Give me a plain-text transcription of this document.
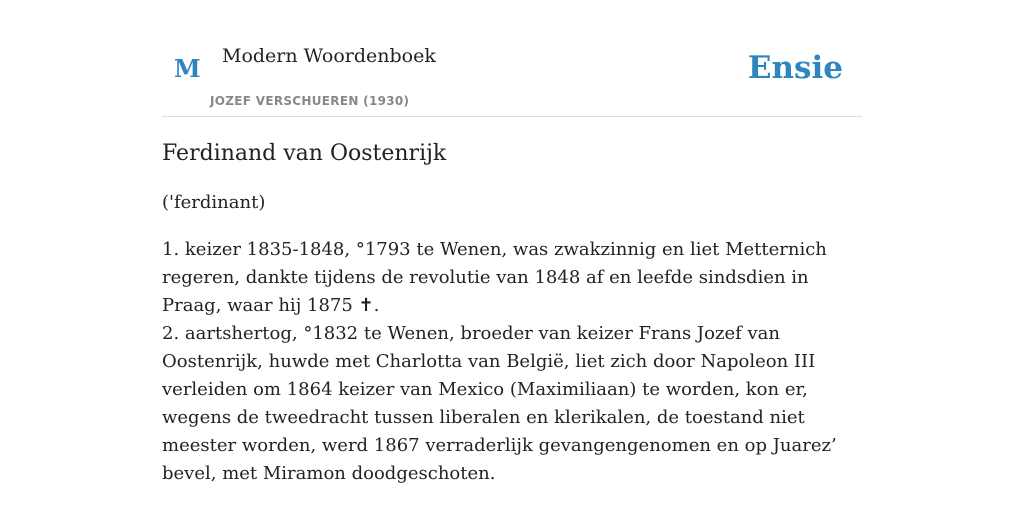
M Modern Woordenboek
JOZEF VERSCHUEREN (1930)
Ensie
Ferdinand van Oostenrijk

('ferdinant)

1. keizer 1835-1848, °1793 te Wenen, was zwakzinnig en liet Metternich regeren, dankte tijdens de revolutie van 1848 af en leefde sindsdien in Praag, waar hij 1875 ✝.
2. aartshertog, °1832 te Wenen, broeder van keizer Frans Jozef van Oostenrijk, huwde met Charlotta van België, liet zich door Napoleon III verleiden om 1864 keizer van Mexico (Maximiliaan) te worden, kon er, wegens de tweedracht tussen liberalen en klerikalen, de toestand niet meester worden, werd 1867 verraderlijk gevangengenomen en op Juarez’ bevel, met Miramon doodgeschoten.
